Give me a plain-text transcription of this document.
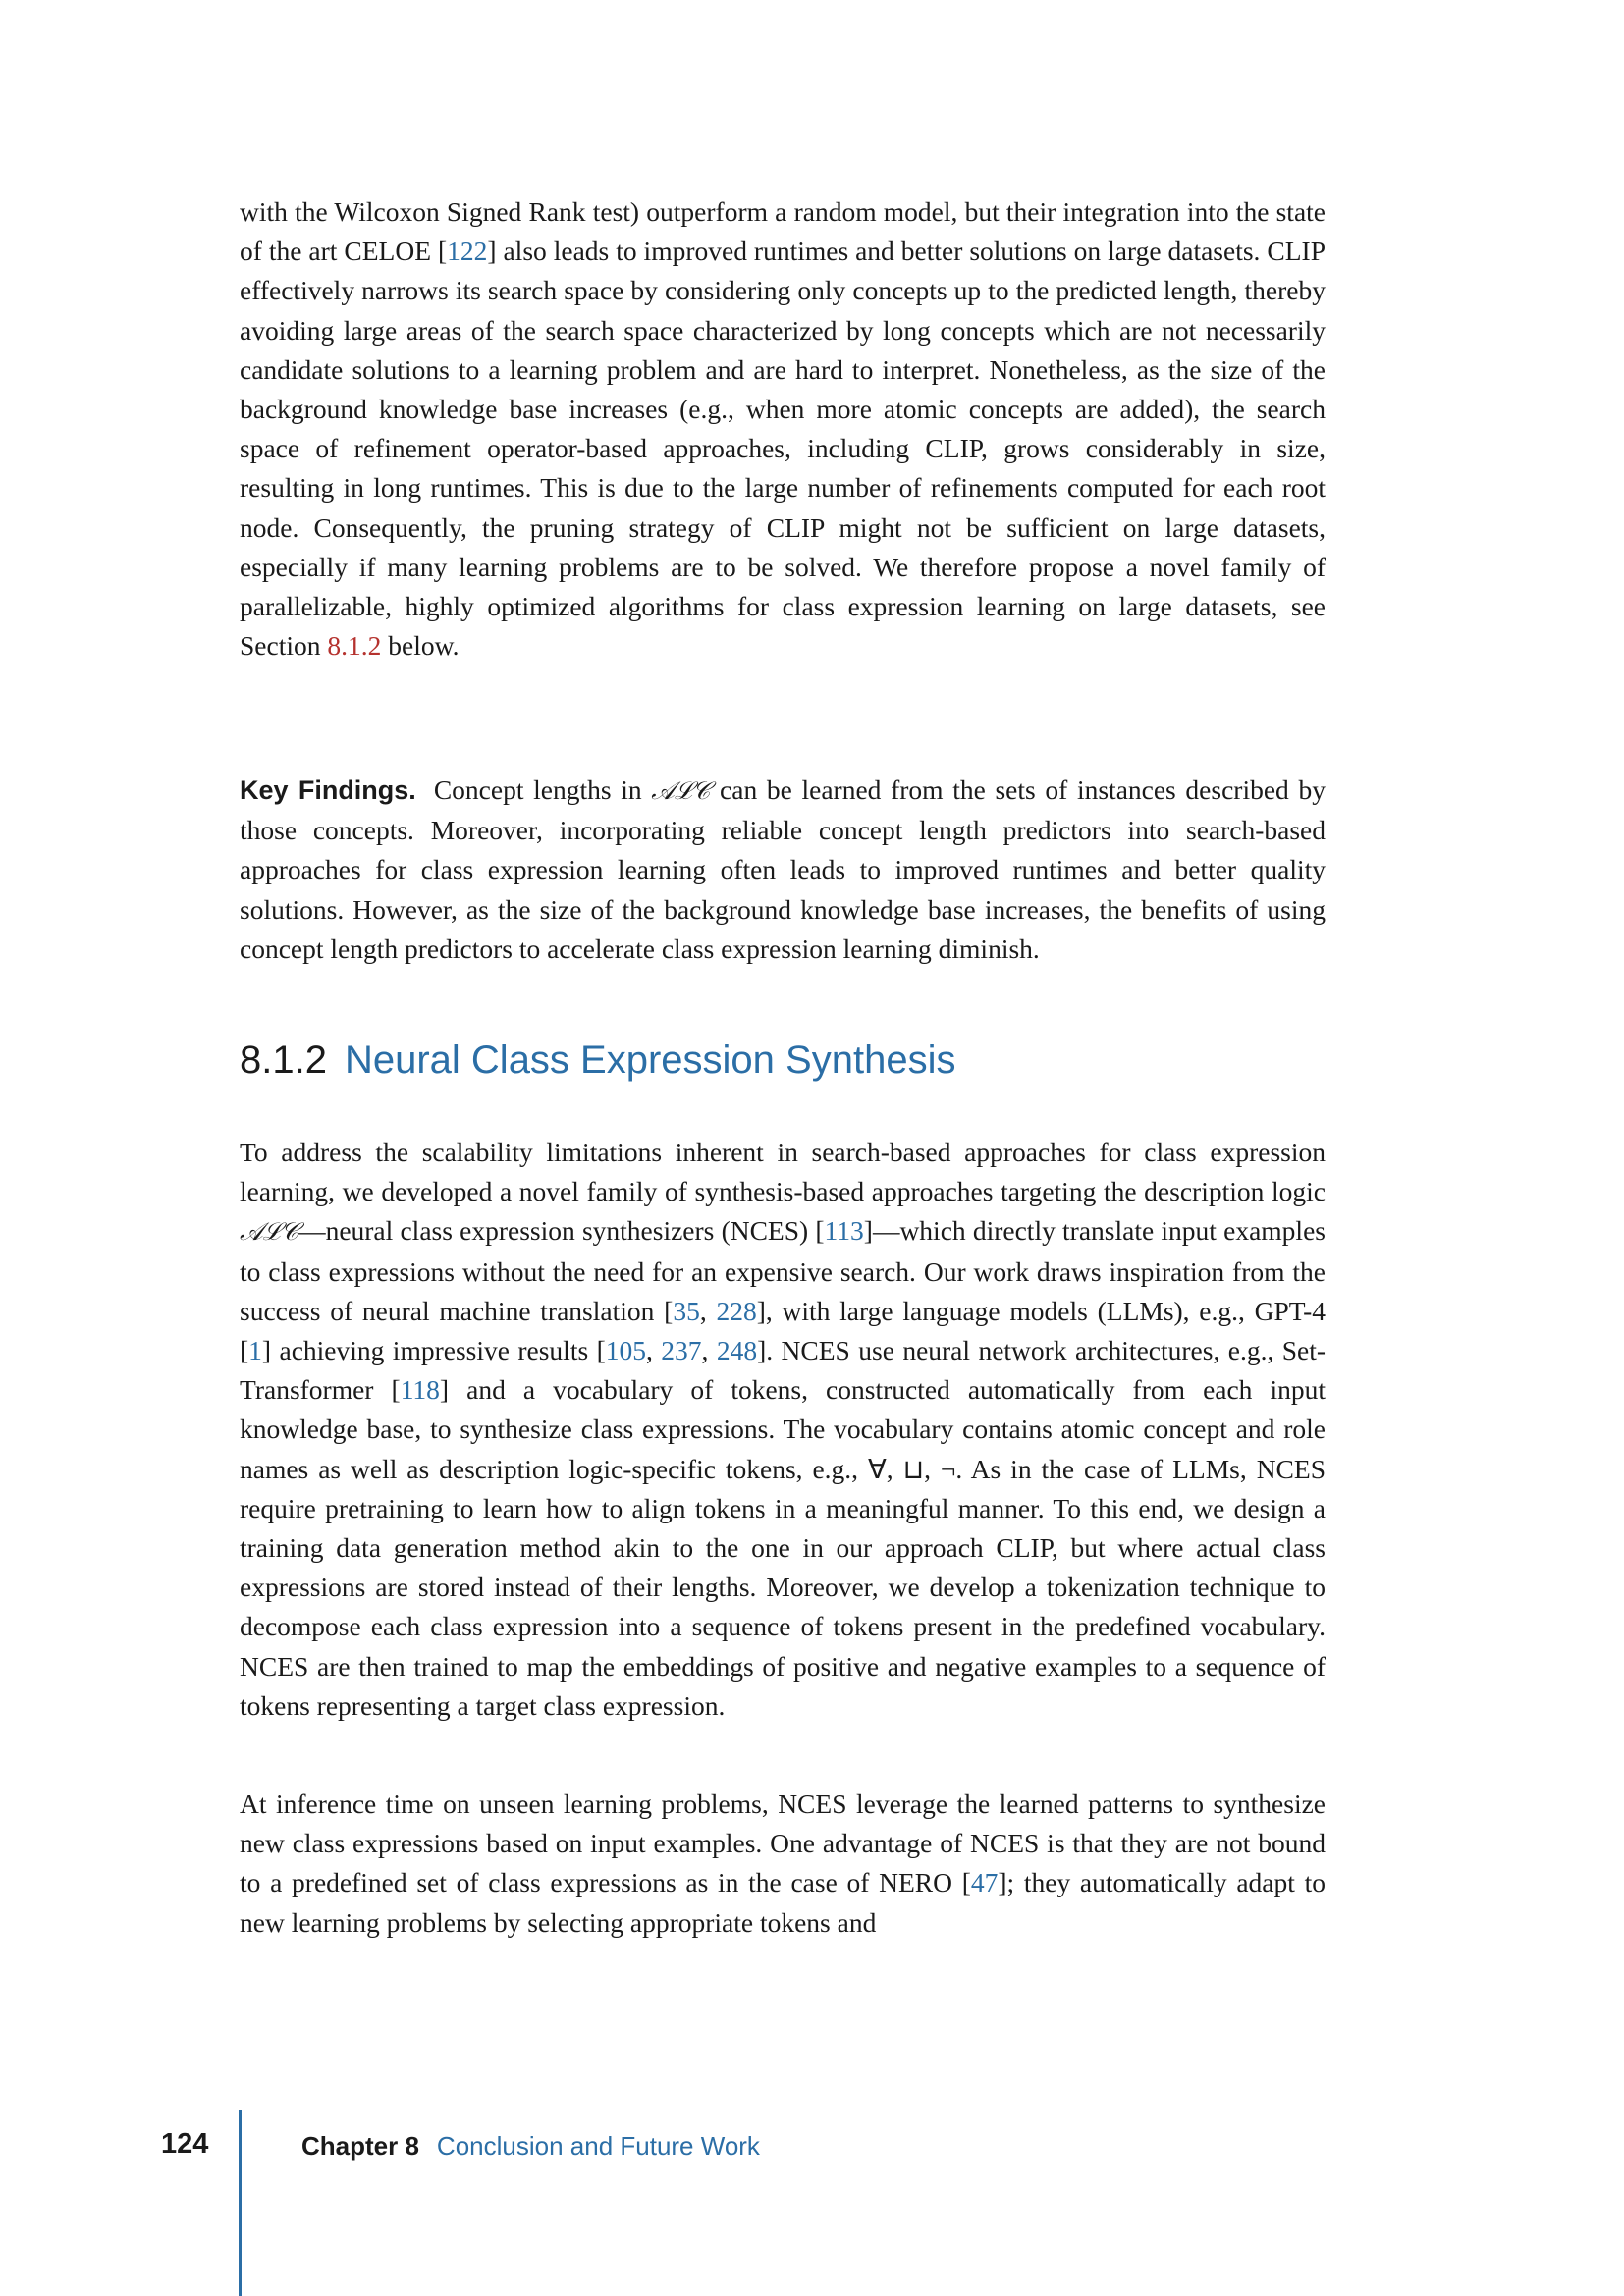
with the Wilcoxon Signed Rank test) outperform a random model, but their integration into the state of the art CELOE [122] also leads to improved runtimes and better solutions on large datasets. CLIP effectively narrows its search space by considering only concepts up to the predicted length, thereby avoiding large areas of the search space characterized by long concepts which are not necessarily candidate solutions to a learning problem and are hard to interpret. Nonetheless, as the size of the background knowledge base increases (e.g., when more atomic concepts are added), the search space of refinement operator-based approaches, including CLIP, grows considerably in size, resulting in long runtimes. This is due to the large number of refinements computed for each root node. Consequently, the pruning strategy of CLIP might not be sufficient on large datasets, especially if many learning problems are to be solved. We therefore propose a novel family of parallelizable, highly optimized algorithms for class expression learning on large datasets, see Section 8.1.2 below.

Key Findings. Concept lengths in 𝒜ℒ𝒞 can be learned from the sets of instances described by those concepts. Moreover, incorporating reliable concept length predictors into search-based approaches for class expression learning often leads to improved runtimes and better quality solutions. However, as the size of the background knowledge base increases, the benefits of using concept length predictors to accelerate class expression learning diminish.

8.1.2 Neural Class Expression Synthesis

To address the scalability limitations inherent in search-based approaches for class expression learning, we developed a novel family of synthesis-based approaches targeting the description logic 𝒜ℒ𝒞—neural class expression synthesizers (NCES) [113]—which directly translate input examples to class expressions without the need for an expensive search. Our work draws inspiration from the success of neural machine translation [35, 228], with large language models (LLMs), e.g., GPT-4 [1] achieving impressive results [105, 237, 248]. NCES use neural network architectures, e.g., Set-Transformer [118] and a vocabulary of tokens, constructed automatically from each input knowledge base, to synthesize class expressions. The vocabulary contains atomic concept and role names as well as description logic-specific tokens, e.g., ∀, ⊔, ¬. As in the case of LLMs, NCES require pretraining to learn how to align tokens in a meaningful manner. To this end, we design a training data generation method akin to the one in our approach CLIP, but where actual class expressions are stored instead of their lengths. Moreover, we develop a tokenization technique to decompose each class expression into a sequence of tokens present in the predefined vocabulary. NCES are then trained to map the embeddings of positive and negative examples to a sequence of tokens representing a target class expression.

At inference time on unseen learning problems, NCES leverage the learned patterns to synthesize new class expressions based on input examples. One advantage of NCES is that they are not bound to a predefined set of class expressions as in the case of NERO [47]; they automatically adapt to new learning problems by selecting appropriate tokens and

124	Chapter 8 Conclusion and Future Work
